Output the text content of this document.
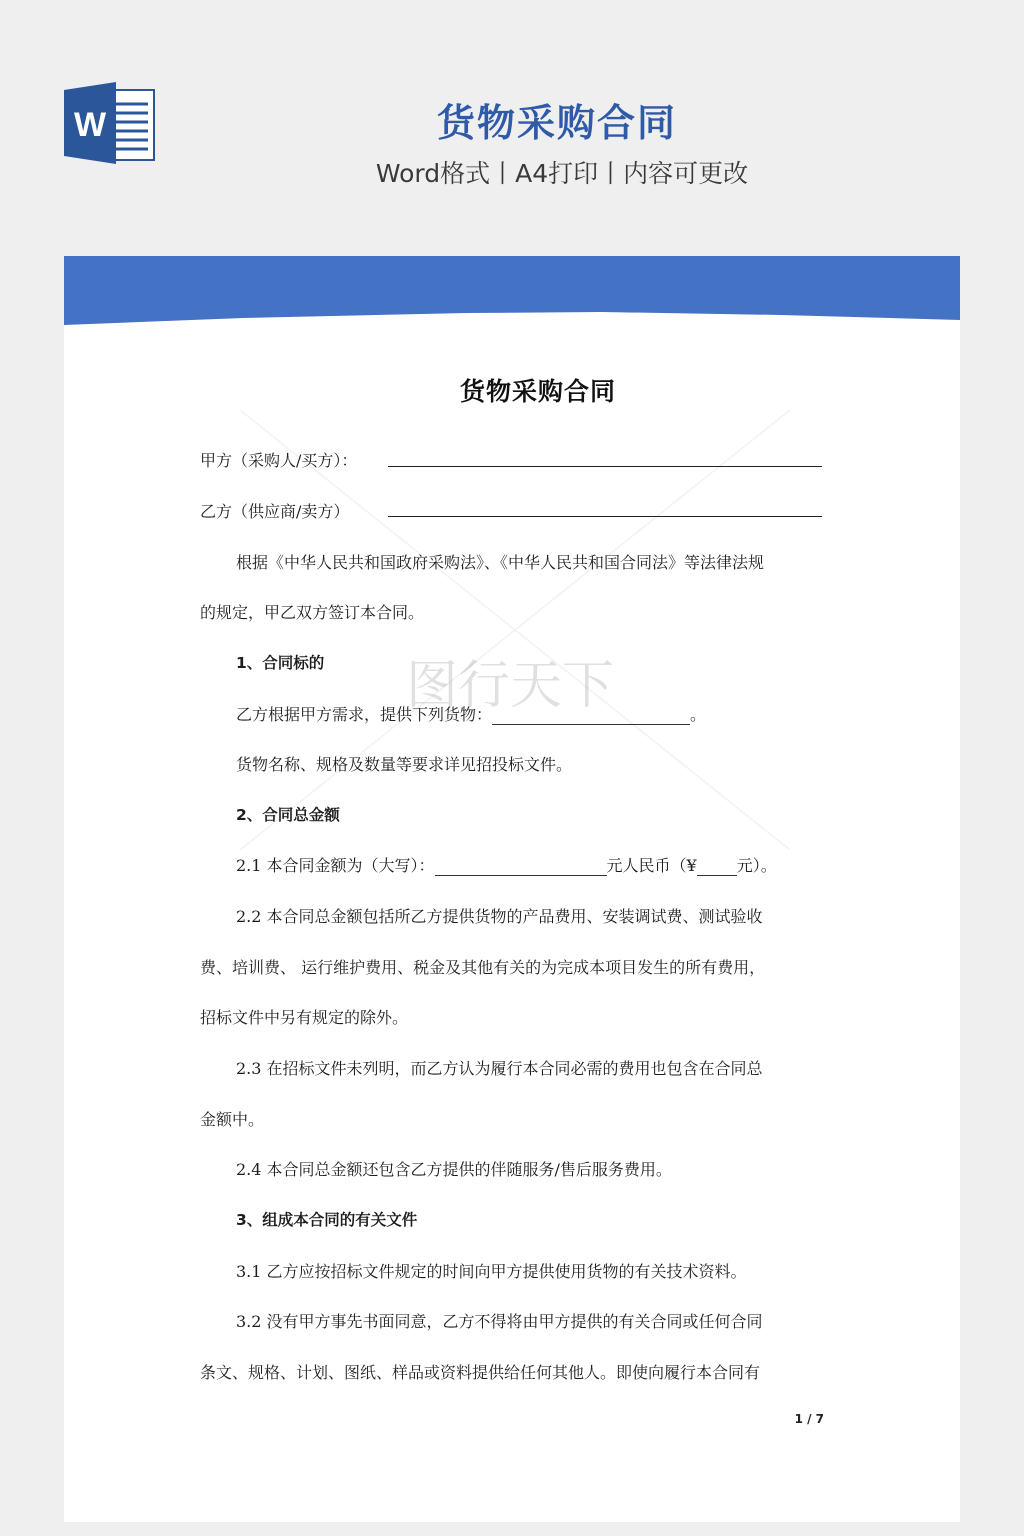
W	货物采购合同
Word格式丨A4打印丨内容可更改
图行天下
货物采购合同
甲方（采购人/买方）：
乙方（供应商/卖方）
根据《中华人民共和国政府采购法》、《中华人民共和国合同法》等法律法规
的规定，甲乙双方签订本合同。
1、合同标的
乙方根据甲方需求，提供下列货物：	。
货物名称、规格及数量等要求详见招投标文件。
2、合同总金额
2.1 本合同金额为（大写）：	元人民币（¥	元）。
2.2 本合同总金额包括所乙方提供货物的产品费用、安装调试费、测试验收
费、培训费、 运行维护费用、税金及其他有关的为完成本项目发生的所有费用，
招标文件中另有规定的除外。
2.3 在招标文件未列明，而乙方认为履行本合同必需的费用也包含在合同总
金额中。
2.4 本合同总金额还包含乙方提供的伴随服务/售后服务费用。
3、组成本合同的有关文件
3.1 乙方应按招标文件规定的时间向甲方提供使用货物的有关技术资料。
3.2 没有甲方事先书面同意，乙方不得将由甲方提供的有关合同或任何合同
条文、规格、计划、图纸、样品或资料提供给任何其他人。即使向履行本合同有
1 / 7
